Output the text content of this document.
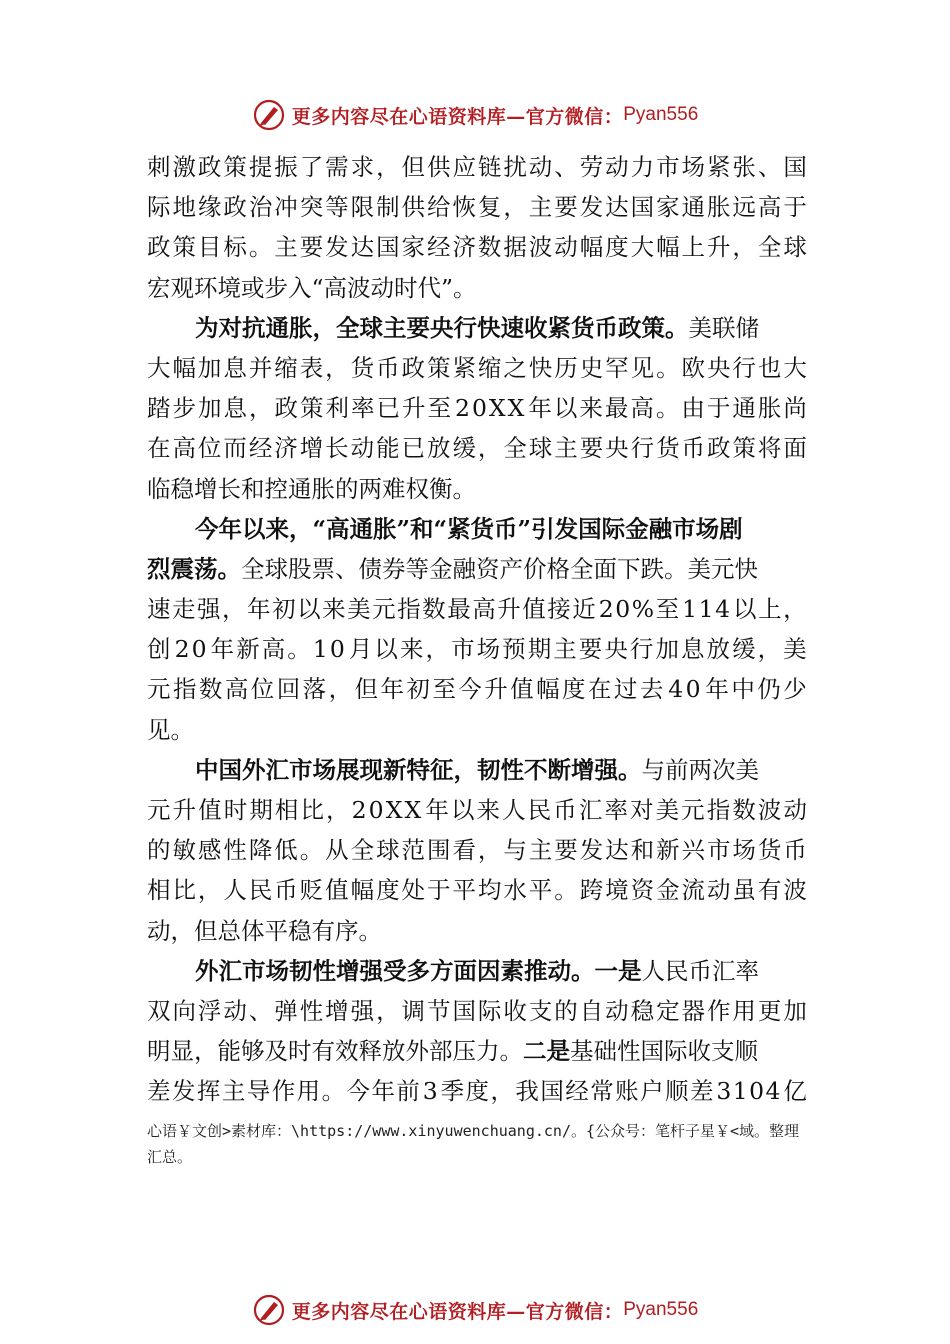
更多内容尽在心语资料库—官方微信： Pyan556
刺 激 政 策 提 振 了 需 求 ， 但 供 应 链 扰 动 、 劳 动 力 市 场 紧 张 、 国
际 地 缘 政 治 冲 突 等 限 制 供 给 恢 复 ， 主 要 发 达 国 家 通 胀 远 高 于
政 策 目 标 。 主 要 发 达 国 家 经 济 数 据 波 动 幅 度 大 幅 上 升 ， 全 球
宏观环境或步入“高波动时代”。
为对抗通胀，全球主要央行快速收紧货币政策。 美联储
大 幅 加 息 并 缩 表 ， 货 币 政 策 紧 缩 之 快 历 史 罕 见 。 欧 央 行 也 大
踏 步 加 息 ， 政 策 利 率 已 升 至 2 0 X X 年 以 来 最 高 。 由 于 通 胀 尚
在 高 位 而 经 济 增 长 动 能 已 放 缓 ， 全 球 主 要 央 行 货 币 政 策 将 面
临稳增长和控通胀的两难权衡。
今年以来，“高通胀”和“紧货币”引发国际金融市场剧
烈震荡。 全球股票、债券等金融资产价格全面下跌。美元快
速 走 强 ， 年 初 以 来 美 元 指 数 最 高 升 值 接 近 2 0 % 至 1 1 4 以 上 ，
创 2 0 年 新 高 。 1 0 月 以 来 ， 市 场 预 期 主 要 央 行 加 息 放 缓 ， 美
元 指 数 高 位 回 落 ， 但 年 初 至 今 升 值 幅 度 在 过 去 4 0 年 中 仍 少
见。
中国外汇市场展现新特征，韧性不断增强。 与前两次美
元 升 值 时 期 相 比 ， 2 0 X X 年 以 来 人 民 币 汇 率 对 美 元 指 数 波 动
的 敏 感 性 降 低 。 从 全 球 范 围 看 ， 与 主 要 发 达 和 新 兴 市 场 货 币
相 比 ， 人 民 币 贬 值 幅 度 处 于 平 均 水 平 。 跨 境 资 金 流 动 虽 有 波
动，但总体平稳有序。
外汇市场韧性增强受多方面因素推动。 一是 人民币汇率
双 向 浮 动 、 弹 性 增 强 ， 调 节 国 际 收 支 的 自 动 稳 定 器 作 用 更 加
明显，能够及时有效释放外部压力。 二是 基础性国际收支顺
差 发 挥 主 导 作 用 。 今 年 前 3 季 度 ， 我 国 经 常 账 户 顺 差 3 1 0 4 亿
心语￥文创>素材库：\https://www.xinyuwenchuang.cn/。{公众号：笔杆子星￥<域。整理
汇总。
更多内容尽在心语资料库—官方微信： Pyan556
